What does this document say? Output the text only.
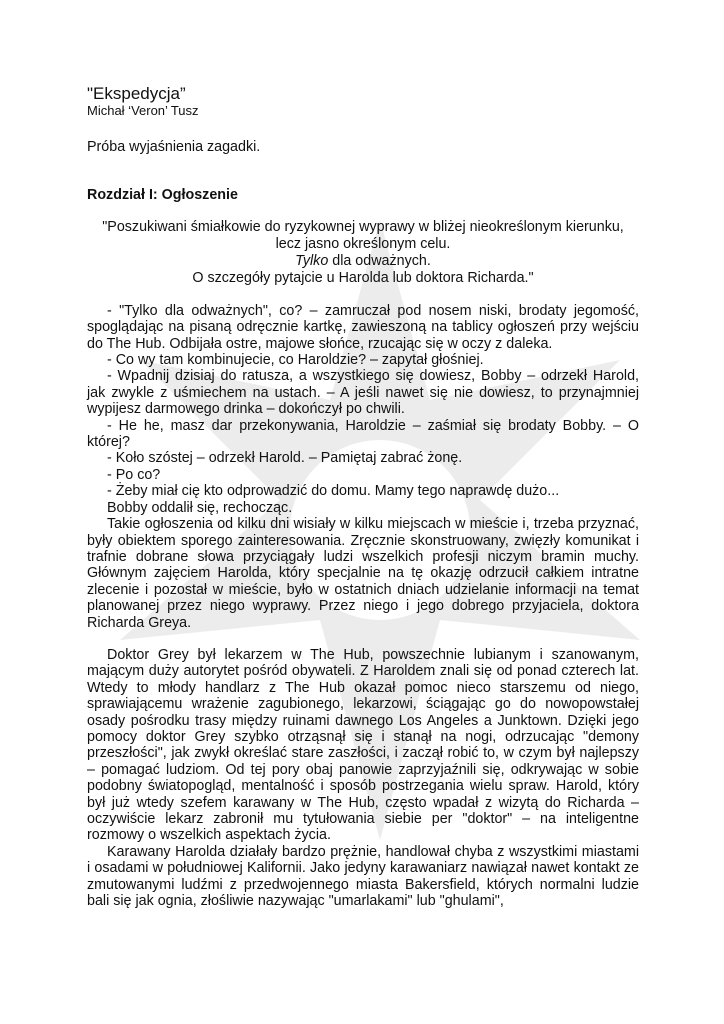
"Ekspedycja”

Michał ‘Veron’ Tusz

Próba wyjaśnienia zagadki.

Rozdział I: Ogłoszenie

"Poszukiwani śmiałkowie do ryzykownej wyprawy w bliżej nieokreślonym kierunku,
lecz jasno określonym celu.
Tylko dla odważnych.
O szczegóły pytajcie u Harolda lub doktora Richarda."

- "Tylko dla odważnych", co? – zamruczał pod nosem niski, brodaty jegomość, spoglądając na pisaną odręcznie kartkę, zawieszoną na tablicy ogłoszeń przy wejściu do The Hub. Odbijała ostre, majowe słońce, rzucając się w oczy z daleka.

- Co wy tam kombinujecie, co Haroldzie? – zapytał głośniej.

- Wpadnij dzisiaj do ratusza, a wszystkiego się dowiesz, Bobby – odrzekł Harold, jak zwykle z uśmiechem na ustach. – A jeśli nawet się nie dowiesz, to przynajmniej wypijesz darmowego drinka – dokończył po chwili.

- He he, masz dar przekonywania, Haroldzie – zaśmiał się brodaty Bobby. – O której?

- Koło szóstej – odrzekł Harold. – Pamiętaj zabrać żonę.

- Po co?

- Żeby miał cię kto odprowadzić do domu. Mamy tego naprawdę dużo...

Bobby oddalił się, rechocząc.

Takie ogłoszenia od kilku dni wisiały w kilku miejscach w mieście i, trzeba przyznać, były obiektem sporego zainteresowania. Zręcznie skonstruowany, zwięzły komunikat i trafnie dobrane słowa przyciągały ludzi wszelkich profesji niczym bramin muchy. Głównym zajęciem Harolda, który specjalnie na tę okazję odrzucił całkiem intratne zlecenie i pozostał w mieście, było w ostatnich dniach udzielanie informacji na temat planowanej przez niego wyprawy. Przez niego i jego dobrego przyjaciela, doktora Richarda Greya.

Doktor Grey był lekarzem w The Hub, powszechnie lubianym i szanowanym, mającym duży autorytet pośród obywateli. Z Haroldem znali się od ponad czterech lat. Wtedy to młody handlarz z The Hub okazał pomoc nieco starszemu od niego, sprawiającemu wrażenie zagubionego, lekarzowi, ściągając go do nowopowstałej osady pośrodku trasy między ruinami dawnego Los Angeles a Junktown. Dzięki jego pomocy doktor Grey szybko otrząsnął się i stanął na nogi, odrzucając "demony przeszłości", jak zwykł określać stare zaszłości, i zaczął robić to, w czym był najlepszy – pomagać ludziom. Od tej pory obaj panowie zaprzyjaźnili się, odkrywając w sobie podobny światopogląd, mentalność i sposób postrzegania wielu spraw. Harold, który był już wtedy szefem karawany w The Hub, często wpadał z wizytą do Richarda – oczywiście lekarz zabronił mu tytułowania siebie per "doktor" – na inteligentne rozmowy o wszelkich aspektach życia.

Karawany Harolda działały bardzo prężnie, handlował chyba z wszystkimi miastami i osadami w południowej Kalifornii. Jako jedyny karawaniarz nawiązał nawet kontakt ze zmutowanymi ludźmi z przedwojennego miasta Bakersfield, których normalni ludzie bali się jak ognia, złośliwie nazywając "umarlakami" lub "ghulami",
